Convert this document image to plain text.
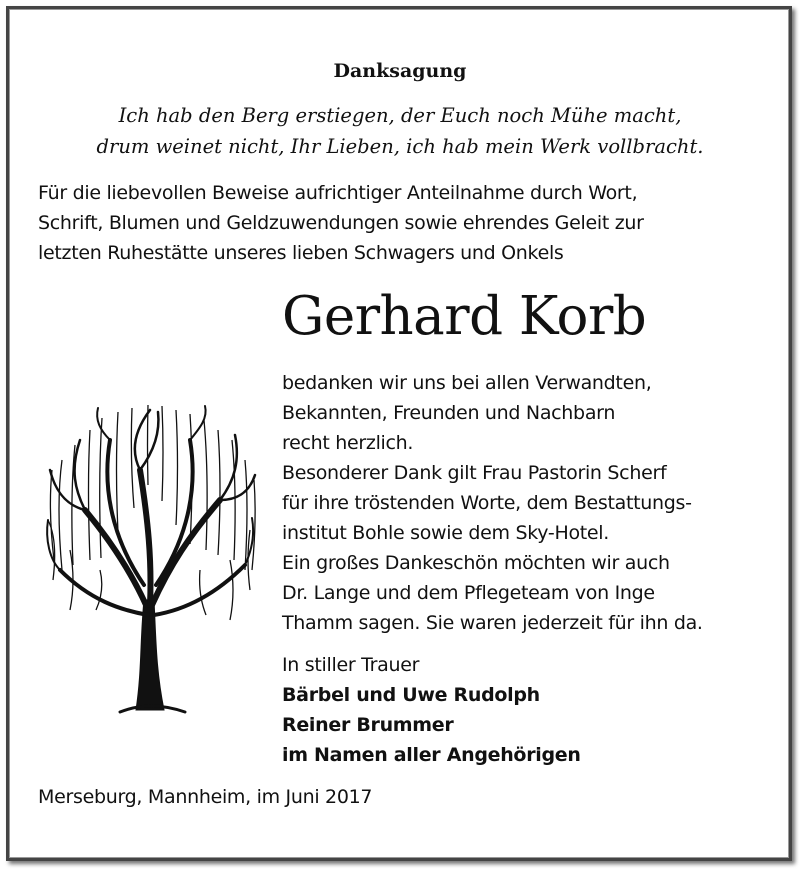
Danksagung
Ich hab den Berg erstiegen, der Euch noch Mühe macht,
drum weinet nicht, Ihr Lieben, ich hab mein Werk vollbracht.
Für die liebevollen Beweise aufrichtiger Anteilnahme durch Wort,
Schrift, Blumen und Geldzuwendungen sowie ehrendes Geleit zur
letzten Ruhestätte unseres lieben Schwagers und Onkels
Gerhard Korb
bedanken wir uns bei allen Verwandten,
Bekannten, Freunden und Nachbarn
recht herzlich.
Besonderer Dank gilt Frau Pastorin Scherf
für ihre tröstenden Worte, dem Bestattungs-
institut Bohle sowie dem Sky-Hotel.
Ein großes Dankeschön möchten wir auch
Dr. Lange und dem Pflegeteam von Inge
Thamm sagen. Sie waren jederzeit für ihn da.
In stiller Trauer
Bärbel und Uwe Rudolph
Reiner Brummer
im Namen aller Angehörigen
Merseburg, Mannheim, im Juni 2017
